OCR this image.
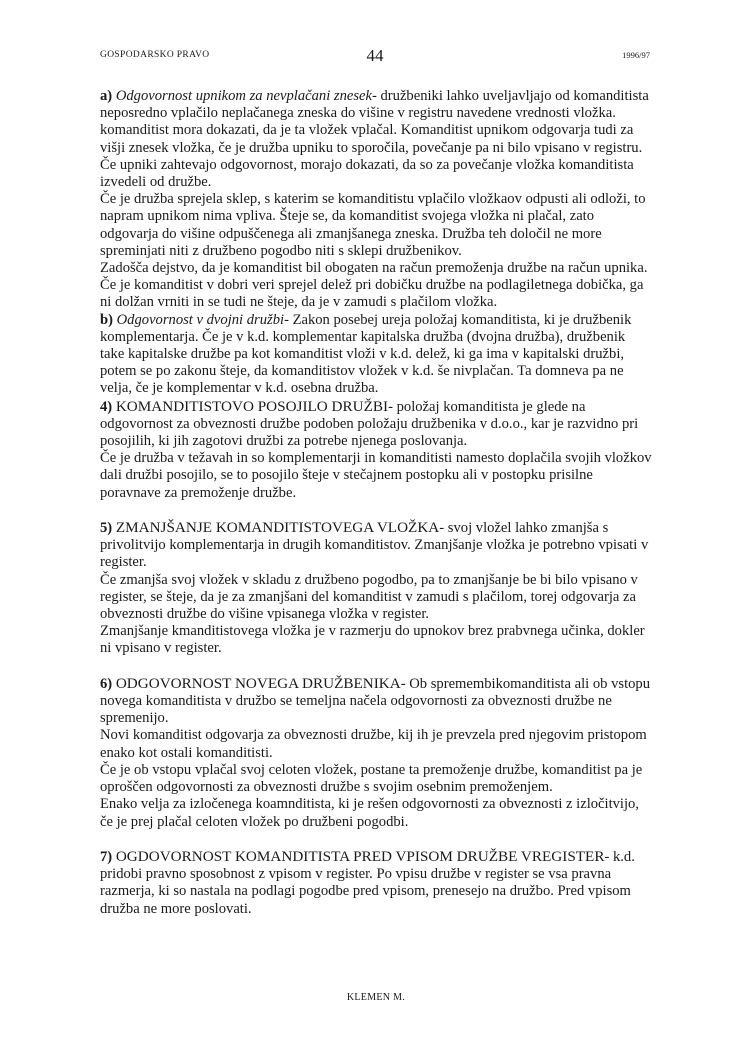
GOSPODARSKO PRAVO	44	1996/97

a) Odgovornost upnikom za nevplačani znesek- družbeniki lahko uveljavljajo od komanditista neposredno vplačilo neplačanega zneska do višine v registru navedene vrednosti vložka. komanditist mora dokazati, da je ta vložek vplačal. Komanditist upnikom odgovarja tudi za višji znesek vložka, če je družba upniku to sporočila, povečanje pa ni bilo vpisano v registru. Če upniki zahtevajo odgovornost, morajo dokazati, da so za povečanje vložka komanditista izvedeli od družbe.

Če je družba sprejela sklep, s katerim se komanditistu vplačilo vložkaov odpusti ali odloži, to napram upnikom nima vpliva. Šteje se, da komanditist svojega vložka ni plačal, zato odgovarja do višine odpuščenega ali zmanjšanega zneska. Družba teh določil ne more spreminjati niti z družbeno pogodbo niti s sklepi družbenikov.

Zadošča dejstvo, da je komanditist bil obogaten na račun premoženja družbe na račun upnika. Če je komanditist v dobri veri sprejel delež pri dobičku družbe na podlagiletnega dobička, ga ni dolžan vrniti in se tudi ne šteje, da je v zamudi s plačilom vložka.

b) Odgovornost v dvojni družbi- Zakon posebej ureja položaj komanditista, ki je družbenik komplementarja. Če je v k.d. komplementar kapitalska družba (dvojna družba), družbenik take kapitalske družbe pa kot komanditist vloži v k.d. delež, ki ga ima v kapitalski družbi, potem se po zakonu šteje, da komanditistov vložek v k.d. še nivplačan. Ta domneva pa ne velja, če je komplementar v k.d. osebna družba.

4) KOMANDITISTOVO POSOJILO DRUŽBI- položaj komanditista je glede na odgovornost za obveznosti družbe podoben položaju družbenika v d.o.o., kar je razvidno pri posojilih, ki jih zagotovi družbi za potrebe njenega poslovanja.

Če je družba v težavah in so komplementarji in komanditisti namesto doplačila svojih vložkov dali družbi posojilo, se to posojilo šteje v stečajnem postopku ali v postopku prisilne poravnave za premoženje družbe.

5) ZMANJŠANJE KOMANDITISTOVEGA VLOŽKA- svoj vložel lahko zmanjša s privolitvijo komplementarja in drugih komanditistov. Zmanjšanje vložka je potrebno vpisati v register.

Če zmanjša svoj vložek v skladu z družbeno pogodbo, pa to zmanjšanje be bi bilo vpisano v register, se šteje, da je za zmanjšani del komanditist v zamudi s plačilom, torej odgovarja za obveznosti družbe do višine vpisanega vložka v register.

Zmanjšanje kmanditistovega vložka je v razmerju do upnokov brez prabvnega učinka, dokler ni vpisano v register.

6) ODGOVORNOST NOVEGA DRUŽBENIKA- Ob spremembikomanditista ali ob vstopu novega komanditista v družbo se temeljna načela odgovornosti za obveznosti družbe ne spremenijo.

Novi komanditist odgovarja za obveznosti družbe, kij ih je prevzela pred njegovim pristopom enako kot ostali komanditisti.

Če je ob vstopu vplačal svoj celoten vložek, postane ta premoženje družbe, komanditist pa je oproščen odgovornosti za obveznosti družbe s svojim osebnim premoženjem.

Enako velja za izločenega koamnditista, ki je rešen odgovornosti za obveznosti z izločitvijo, če je prej plačal celoten vložek po družbeni pogodbi.

7) OGDOVORNOST KOMANDITISTA PRED VPISOM DRUŽBE VREGISTER- k.d. pridobi pravno sposobnost z vpisom v register. Po vpisu družbe v register se vsa pravna razmerja, ki so nastala na podlagi pogodbe pred vpisom, prenesejo na družbo. Pred vpisom družba ne more poslovati.

KLEMEN M.
